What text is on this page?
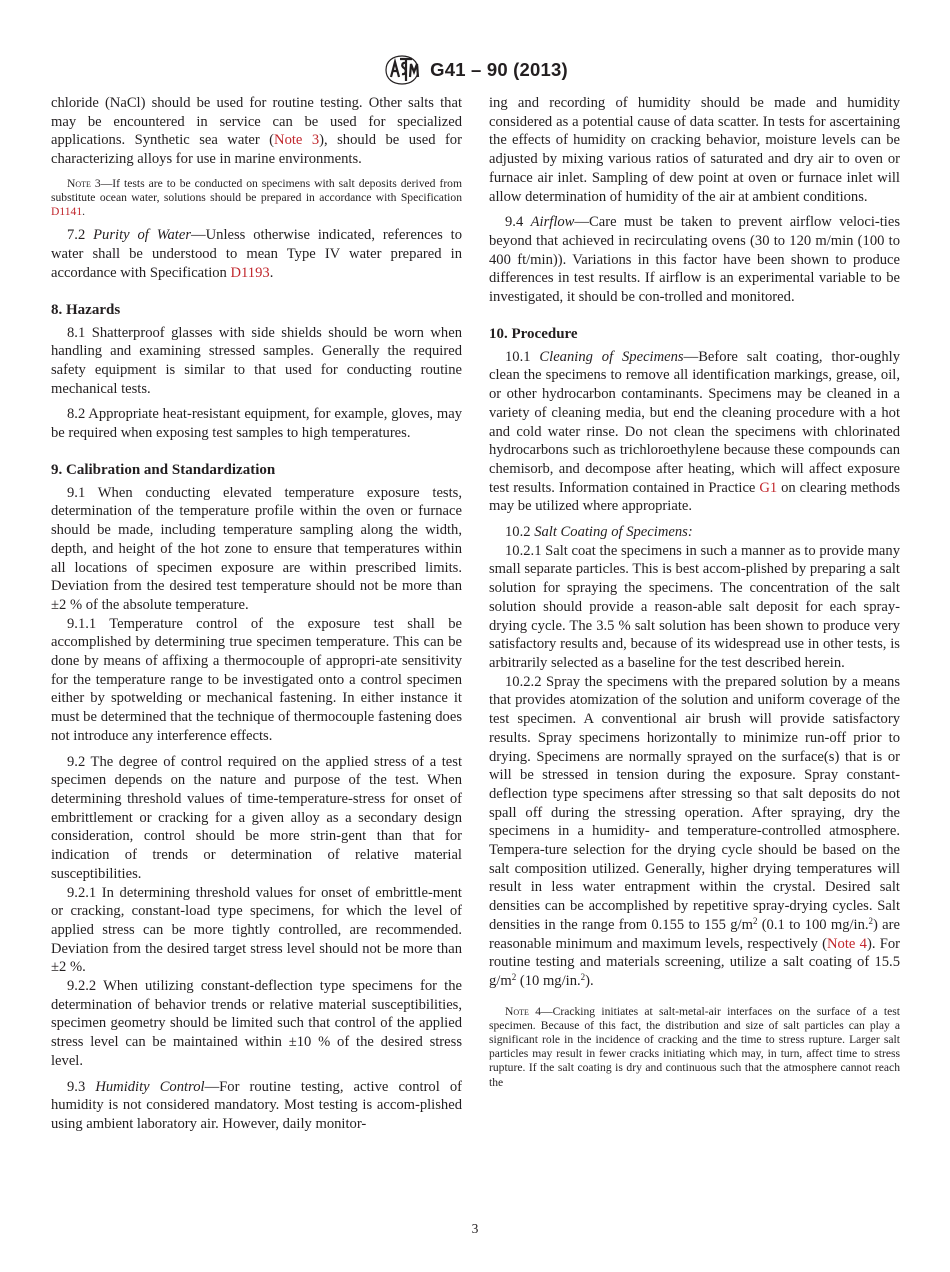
G41 – 90 (2013)

chloride (NaCl) should be used for routine testing. Other salts that may be encountered in service can be used for specialized applications. Synthetic sea water (Note 3), should be used for characterizing alloys for use in marine environments.

Note 3—If tests are to be conducted on specimens with salt deposits derived from substitute ocean water, solutions should be prepared in accordance with Specification D1141.

7.2 Purity of Water—Unless otherwise indicated, references to water shall be understood to mean Type IV water prepared in accordance with Specification D1193.

8. Hazards

8.1 Shatterproof glasses with side shields should be worn when handling and examining stressed samples. Generally the required safety equipment is similar to that used for conducting routine mechanical tests.

8.2 Appropriate heat-resistant equipment, for example, gloves, may be required when exposing test samples to high temperatures.

9. Calibration and Standardization

9.1 When conducting elevated temperature exposure tests, determination of the temperature profile within the oven or furnace should be made, including temperature sampling along the width, depth, and height of the hot zone to ensure that temperatures within all locations of specimen exposure are within prescribed limits. Deviation from the desired test temperature should not be more than ±2 % of the absolute temperature.

9.1.1 Temperature control of the exposure test shall be accomplished by determining true specimen temperature. This can be done by means of affixing a thermocouple of appropri-ate sensitivity for the temperature range to be investigated onto a control specimen either by spotwelding or mechanical fastening. In either instance it must be determined that the technique of thermocouple fastening does not introduce any interference effects.

9.2 The degree of control required on the applied stress of a test specimen depends on the nature and purpose of the test. When determining threshold values of time-temperature-stress for onset of embrittlement or cracking for a given alloy as a secondary design consideration, control should be more strin-gent than that for indication of trends or determination of relative material susceptibilities.

9.2.1 In determining threshold values for onset of embrittle-ment or cracking, constant-load type specimens, for which the level of applied stress can be more tightly controlled, are recommended. Deviation from the desired target stress level should not be more than ±2 %.

9.2.2 When utilizing constant-deflection type specimens for the determination of behavior trends or relative material susceptibilities, specimen geometry should be limited such that control of the applied stress level can be maintained within ±10 % of the desired stress level.

9.3 Humidity Control—For routine testing, active control of humidity is not considered mandatory. Most testing is accom-plished using ambient laboratory air. However, daily monitor-

ing and recording of humidity should be made and humidity considered as a potential cause of data scatter. In tests for ascertaining the effects of humidity on cracking behavior, moisture levels can be adjusted by mixing various ratios of saturated and dry air to oven or furnace air inlet. Sampling of dew point at oven or furnace inlet will allow determination of humidity of the air at ambient conditions.

9.4 Airflow—Care must be taken to prevent airflow veloci-ties beyond that achieved in recirculating ovens (30 to 120 m/min (100 to 400 ft/min)). Variations in this factor have been shown to produce differences in test results. If airflow is an experimental variable to be investigated, it should be con-trolled and monitored.

10. Procedure

10.1 Cleaning of Specimens—Before salt coating, thor-oughly clean the specimens to remove all identification markings, grease, oil, or other hydrocarbon contaminants. Specimens may be cleaned in a variety of cleaning media, but end the cleaning procedure with a hot and cold water rinse. Do not clean the specimens with chlorinated hydrocarbons such as trichloroethylene because these compounds can chemisorb, and decompose after heating, which will affect exposure test results. Information contained in Practice G1 on clearing methods may be utilized where appropriate.

10.2 Salt Coating of Specimens:

10.2.1 Salt coat the specimens in such a manner as to provide many small separate particles. This is best accom-plished by preparing a salt solution for spraying the specimens. The concentration of the salt solution should provide a reason-able salt deposit for each spray-drying cycle. The 3.5 % salt solution has been shown to produce very satisfactory results and, because of its widespread use in other tests, is arbitrarily selected as a baseline for the test described herein.

10.2.2 Spray the specimens with the prepared solution by a means that provides atomization of the solution and uniform coverage of the test specimen. A conventional air brush will provide satisfactory results. Spray specimens horizontally to minimize run-off prior to drying. Specimens are normally sprayed on the surface(s) that is or will be stressed in tension during the exposure. Spray constant-deflection type specimens after stressing so that salt deposits do not spall off during the stressing operation. After spraying, dry the specimens in a humidity- and temperature-controlled atmosphere. Tempera-ture selection for the drying cycle should be based on the salt composition utilized. Generally, higher drying temperatures will result in less water entrapment within the crystal. Desired salt densities can be accomplished by repetitive spray-drying cycles. Salt densities in the range from 0.155 to 155 $g/m^2$ (0.1 to 100 mg/in.$^2$) are reasonable minimum and maximum levels, respectively (Note 4). For routine testing and materials screening, utilize a salt coating of 15.5 $g/m^2$ (10 mg/in.$^2$).

Note 4—Cracking initiates at salt-metal-air interfaces on the surface of a test specimen. Because of this fact, the distribution and size of salt particles can play a significant role in the incidence of cracking and the time to stress rupture. Larger salt particles may result in fewer cracks initiating which may, in turn, affect time to stress rupture. If the salt coating is dry and continuous such that the atmosphere cannot reach the

3
